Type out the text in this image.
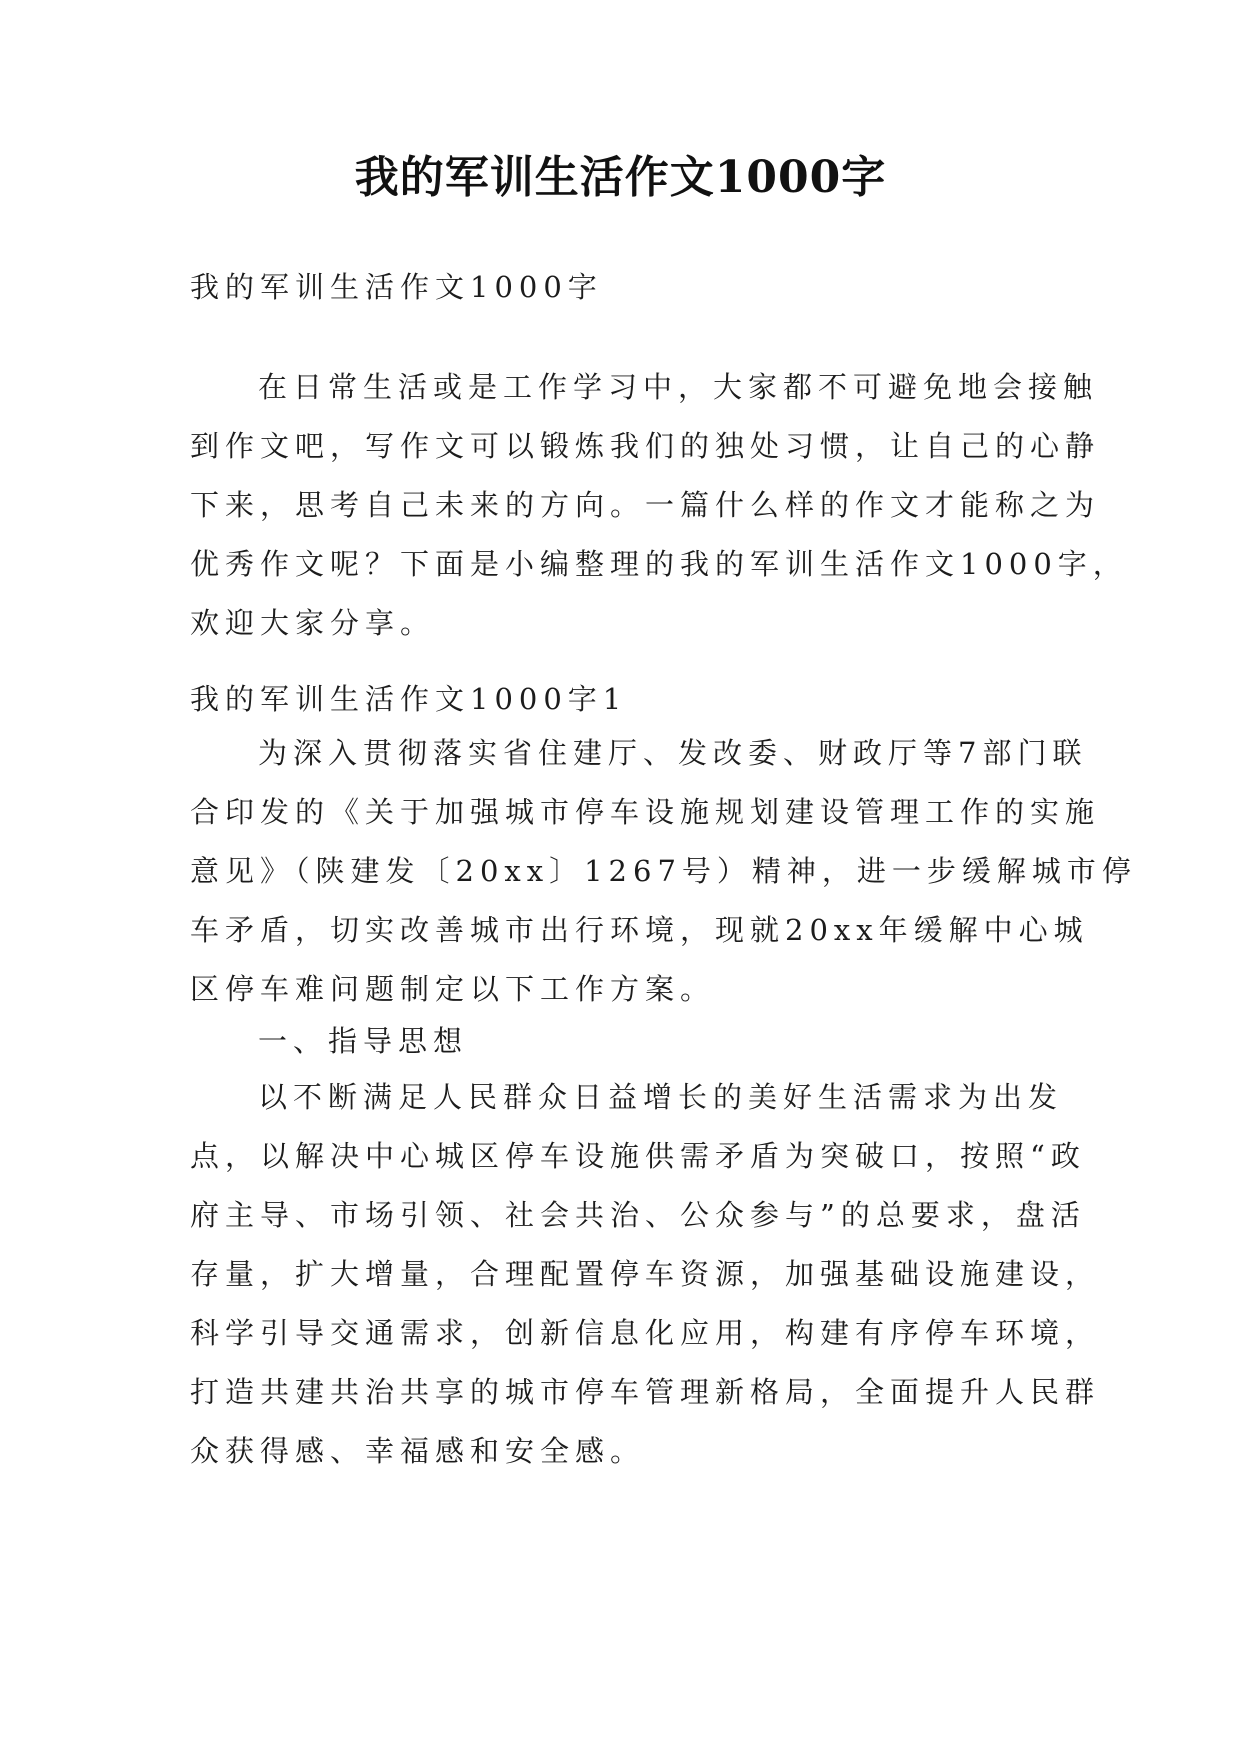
我的军训生活作文1000字
我的军训生活作文1000字
在日常生活或是工作学习中，大家都不可避免地会接触
到作文吧，写作文可以锻炼我们的独处习惯，让自己的心静
下来，思考自己未来的方向。一篇什么样的作文才能称之为
优秀作文呢？下面是小编整理的我的军训生活作文1000字，
欢迎大家分享。
我的军训生活作文1000字1
为深入贯彻落实省住建厅、发改委、财政厅等7部门联
合印发的《关于加强城市停车设施规划建设管理工作的实施
意见》（陕建发〔20xx〕1267号）精神，进一步缓解城市停
车矛盾，切实改善城市出行环境，现就20xx年缓解中心城
区停车难问题制定以下工作方案。
一、指导思想
以不断满足人民群众日益增长的美好生活需求为出发
点，以解决中心城区停车设施供需矛盾为突破口，按照“政
府主导、市场引领、社会共治、公众参与”的总要求，盘活
存量，扩大增量，合理配置停车资源，加强基础设施建设，
科学引导交通需求，创新信息化应用，构建有序停车环境，
打造共建共治共享的城市停车管理新格局，全面提升人民群
众获得感、幸福感和安全感。
